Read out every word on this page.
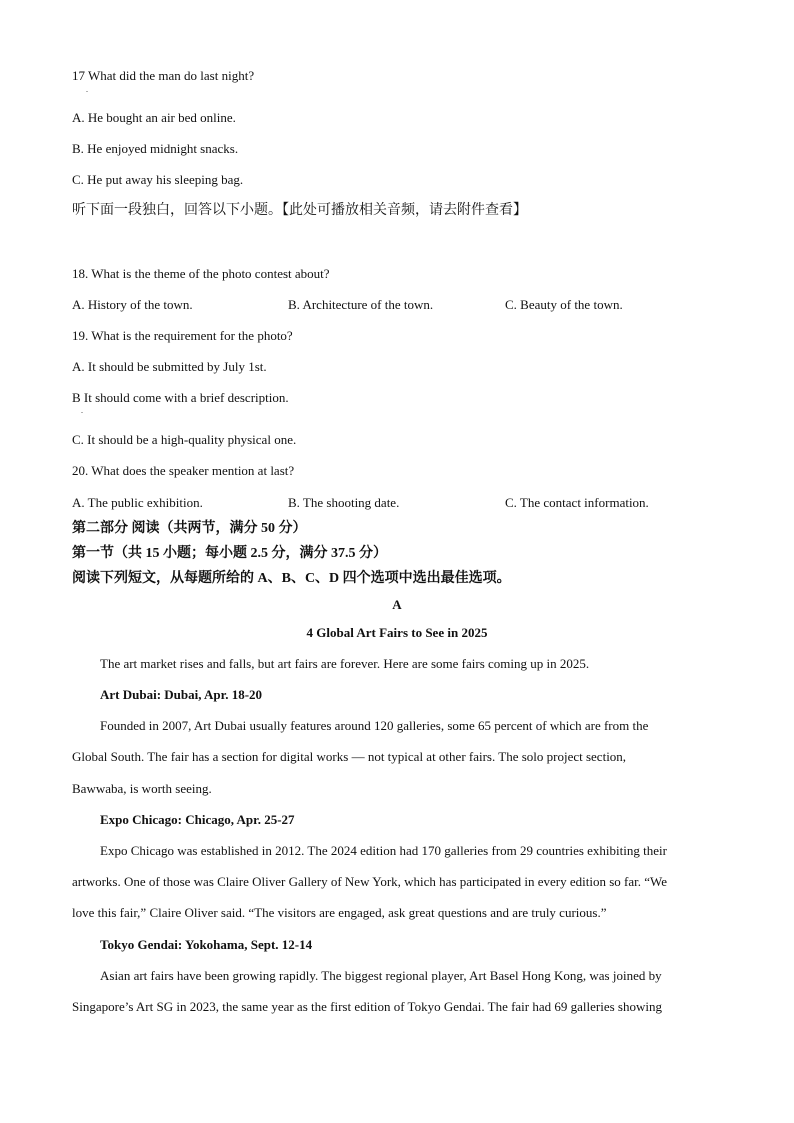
17 What did the man do last night?
.
A. He bought an air bed online.
B. He enjoyed midnight snacks.
C. He put away his sleeping bag.
听下面一段独白，回答以下小题。【此处可播放相关音频，请去附件查看】
18. What is the theme of the photo contest about?
A. History of the town.	B. Architecture of the town.	C. Beauty of the town.
19. What is the requirement for the photo?
A. It should be submitted by July 1st.
B It should come with a brief description.
.
C. It should be a high-quality physical one.
20. What does the speaker mention at last?
A. The public exhibition.	B. The shooting date.	C. The contact information.
第二部分 阅读（共两节，满分 50 分）
第一节（共 15 小题；每小题 2.5 分，满分 37.5 分）
阅读下列短文，从每题所给的 A、B、C、D 四个选项中选出最佳选项。
A
4 Global Art Fairs to See in 2025
The art market rises and falls, but art fairs are forever. Here are some fairs coming up in 2025.
Art Dubai: Dubai, Apr. 18-20
Founded in 2007, Art Dubai usually features around 120 galleries, some 65 percent of which are from the
Global South. The fair has a section for digital works — not typical at other fairs. The solo project section,
Bawwaba, is worth seeing.
Expo Chicago: Chicago, Apr. 25-27
Expo Chicago was established in 2012. The 2024 edition had 170 galleries from 29 countries exhibiting their
artworks. One of those was Claire Oliver Gallery of New York, which has participated in every edition so far. “We
love this fair,” Claire Oliver said. “The visitors are engaged, ask great questions and are truly curious.”
Tokyo Gendai: Yokohama, Sept. 12-14
Asian art fairs have been growing rapidly. The biggest regional player, Art Basel Hong Kong, was joined by
Singapore’s Art SG in 2023, the same year as the first edition of Tokyo Gendai. The fair had 69 galleries showing
